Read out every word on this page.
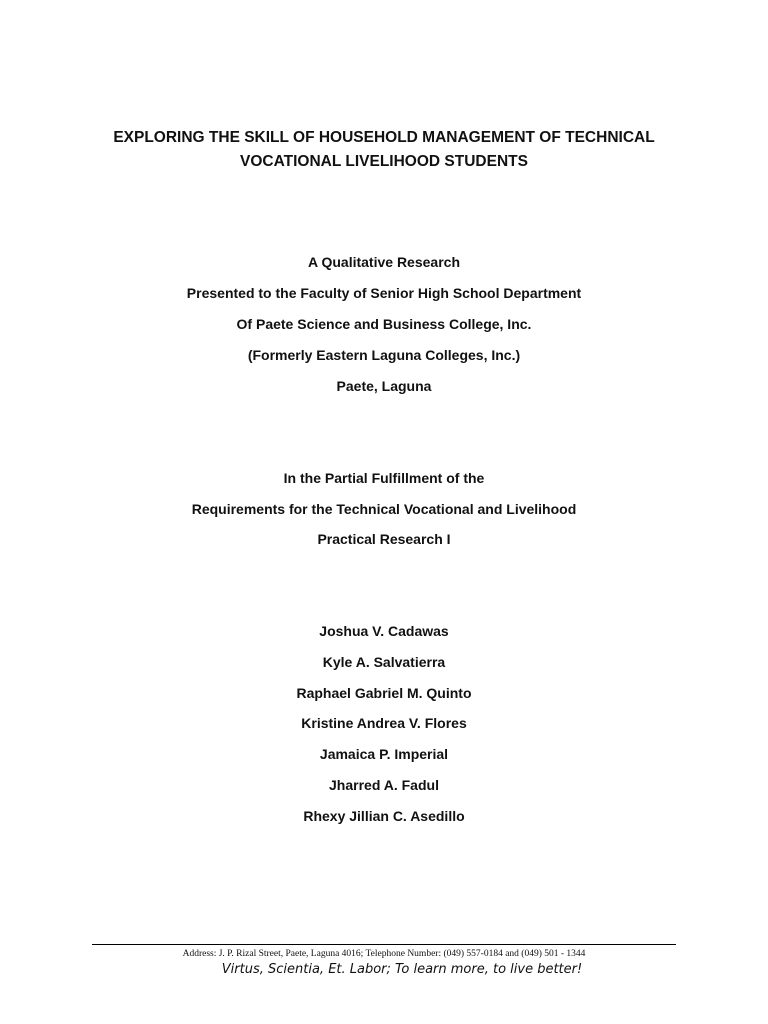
EXPLORING THE SKILL OF HOUSEHOLD MANAGEMENT OF TECHNICAL
VOCATIONAL LIVELIHOOD STUDENTS
A Qualitative Research
Presented to the Faculty of Senior High School Department
Of Paete Science and Business College, Inc.
(Formerly Eastern Laguna Colleges, Inc.)
Paete, Laguna
In the Partial Fulfillment of the
Requirements for the Technical Vocational and Livelihood
Practical Research I
Joshua V. Cadawas
Kyle A. Salvatierra
Raphael Gabriel M. Quinto
Kristine Andrea V. Flores
Jamaica P. Imperial
Jharred A. Fadul
Rhexy Jillian C. Asedillo
Address: J. P. Rizal Street, Paete, Laguna 4016; Telephone Number: (049) 557-0184 and (049) 501 - 1344
Virtus, Scientia, Et. Labor; To learn more, to live better!
